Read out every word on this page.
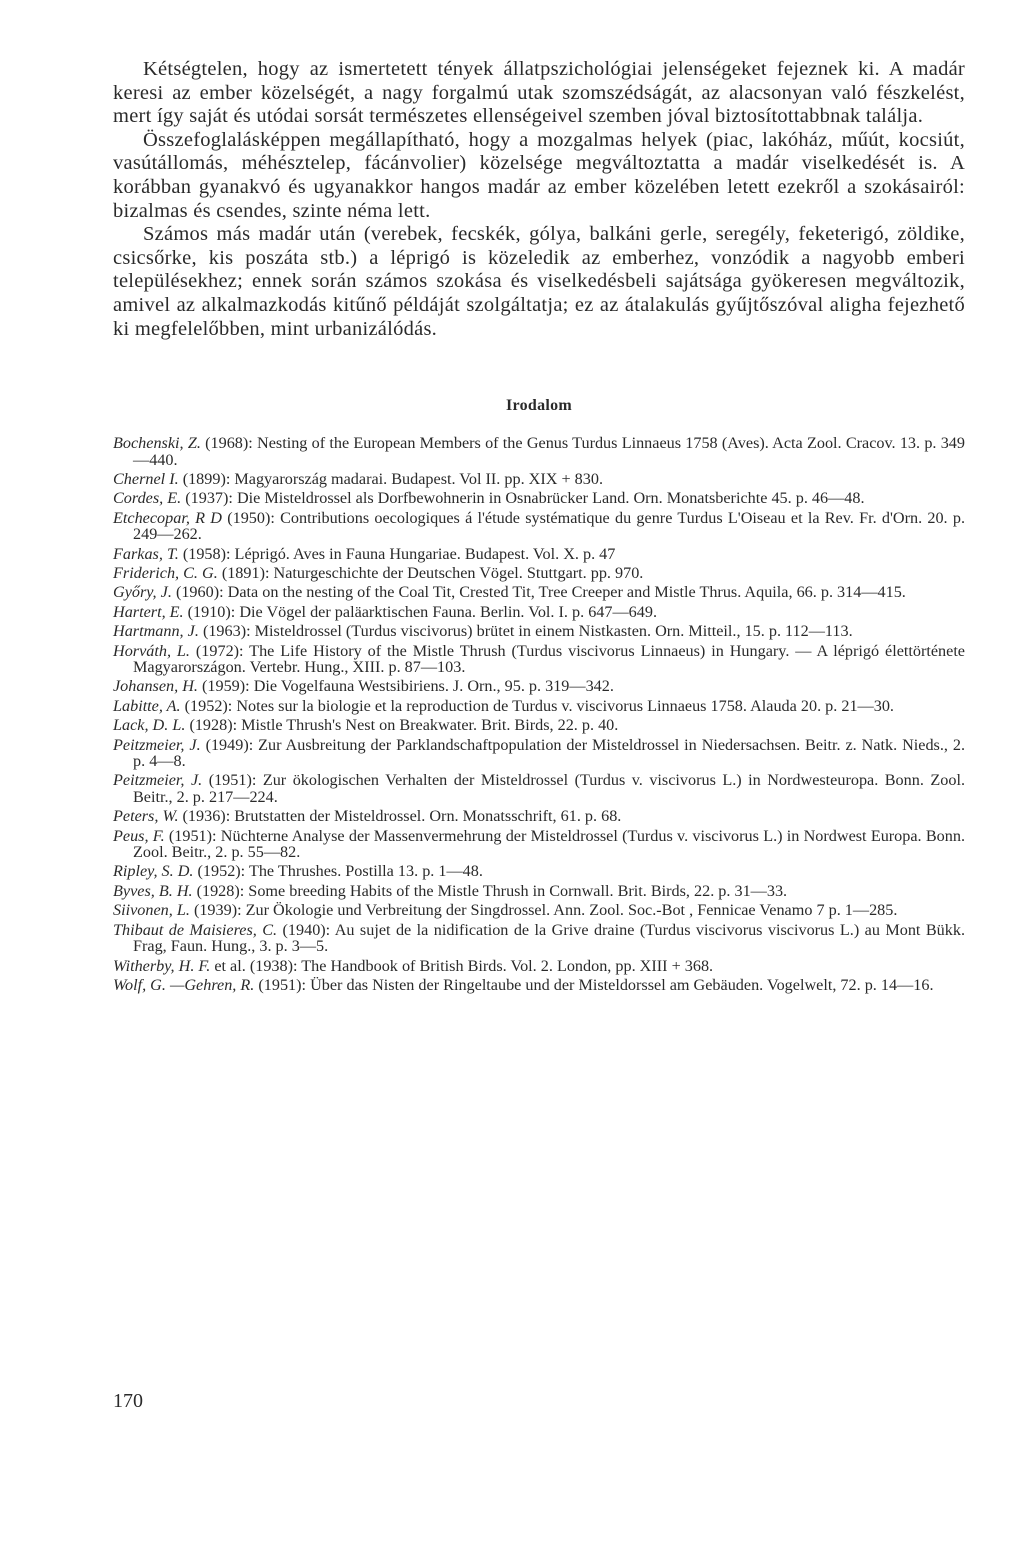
Kétségtelen, hogy az ismertetett tények állatpszichológiai jelenségeket fejeznek ki. A madár keresi az ember közelségét, a nagy forgalmú utak szomszédságát, az alacsonyan való fészkelést, mert így saját és utódai sorsát természetes ellenségeivel szemben jóval biztosítottabbnak találja.

Összefoglalásképpen megállapítható, hogy a mozgalmas helyek (piac, lakóház, műút, kocsiút, vasútállomás, méhésztelep, fácánvolier) közelsége megváltoztatta a madár viselkedését is. A korábban gyanakvó és ugyanakkor hangos madár az ember közelében letett ezekről a szokásairól: bizalmas és csendes, szinte néma lett.

Számos más madár után (verebek, fecskék, gólya, balkáni gerle, seregély, feketerigó, zöldike, csicsőrke, kis poszáta stb.) a léprigó is közeledik az emberhez, vonzódik a nagyobb emberi településekhez; ennek során számos szokása és viselkedésbeli sajátsága gyökeresen megváltozik, amivel az alkalmazkodás kitűnő példáját szolgáltatja; ez az átalakulás gyűjtőszóval aligha fejezhető ki megfelelőbben, mint urbanizálódás.

Irodalom
Bochenski, Z. (1968): Nesting of the European Members of the Genus Turdus Linnaeus 1758 (Aves). Acta Zool. Cracov. 13. p. 349—440.
Chernel I. (1899): Magyarország madarai. Budapest. Vol II. pp. XIX + 830.
Cordes, E. (1937): Die Misteldrossel als Dorfbewohnerin in Osnabrücker Land. Orn. Monatsberichte 45. p. 46—48.
Etchecopar, R D (1950): Contributions oecologiques á l'étude systématique du genre Turdus L'Oiseau et la Rev. Fr. d'Orn. 20. p. 249—262.
Farkas, T. (1958): Léprigó. Aves in Fauna Hungariae. Budapest. Vol. X. p. 47
Friderich, C. G. (1891): Naturgeschichte der Deutschen Vögel. Stuttgart. pp. 970.
Győry, J. (1960): Data on the nesting of the Coal Tit, Crested Tit, Tree Creeper and Mistle Thrus. Aquila, 66. p. 314—415.
Hartert, E. (1910): Die Vögel der paläarktischen Fauna. Berlin. Vol. I. p. 647—649.
Hartmann, J. (1963): Misteldrossel (Turdus viscivorus) brütet in einem Nistkasten. Orn. Mitteil., 15. p. 112—113.
Horváth, L. (1972): The Life History of the Mistle Thrush (Turdus viscivorus Linnaeus) in Hungary. — A léprigó élettörténete Magyarországon. Vertebr. Hung., XIII. p. 87—103.
Johansen, H. (1959): Die Vogelfauna Westsibiriens. J. Orn., 95. p. 319—342.
Labitte, A. (1952): Notes sur la biologie et la reproduction de Turdus v. viscivorus Linnaeus 1758. Alauda 20. p. 21—30.
Lack, D. L. (1928): Mistle Thrush's Nest on Breakwater. Brit. Birds, 22. p. 40.
Peitzmeier, J. (1949): Zur Ausbreitung der Parklandschaftpopulation der Misteldrossel in Niedersachsen. Beitr. z. Natk. Nieds., 2. p. 4—8.
Peitzmeier, J. (1951): Zur ökologischen Verhalten der Misteldrossel (Turdus v. viscivorus L.) in Nordwesteuropa. Bonn. Zool. Beitr., 2. p. 217—224.
Peters, W. (1936): Brutstatten der Misteldrossel. Orn. Monatsschrift, 61. p. 68.
Peus, F. (1951): Nüchterne Analyse der Massenvermehrung der Misteldrossel (Turdus v. viscivorus L.) in Nordwest Europa. Bonn. Zool. Beitr., 2. p. 55—82.
Ripley, S. D. (1952): The Thrushes. Postilla 13. p. 1—48.
Byves, B. H. (1928): Some breeding Habits of the Mistle Thrush in Cornwall. Brit. Birds, 22. p. 31—33.
Siivonen, L. (1939): Zur Ökologie und Verbreitung der Singdrossel. Ann. Zool. Soc.-Bot , Fennicae Venamo 7 p. 1—285.
Thibaut de Maisieres, C. (1940): Au sujet de la nidification de la Grive draine (Turdus viscivorus viscivorus L.) au Mont Bükk. Frag, Faun. Hung., 3. p. 3—5.
Witherby, H. F. et al. (1938): The Handbook of British Birds. Vol. 2. London, pp. XIII + 368.
Wolf, G. —Gehren, R. (1951): Über das Nisten der Ringeltaube und der Misteldorssel am Gebäuden. Vogelwelt, 72. p. 14—16.
170
